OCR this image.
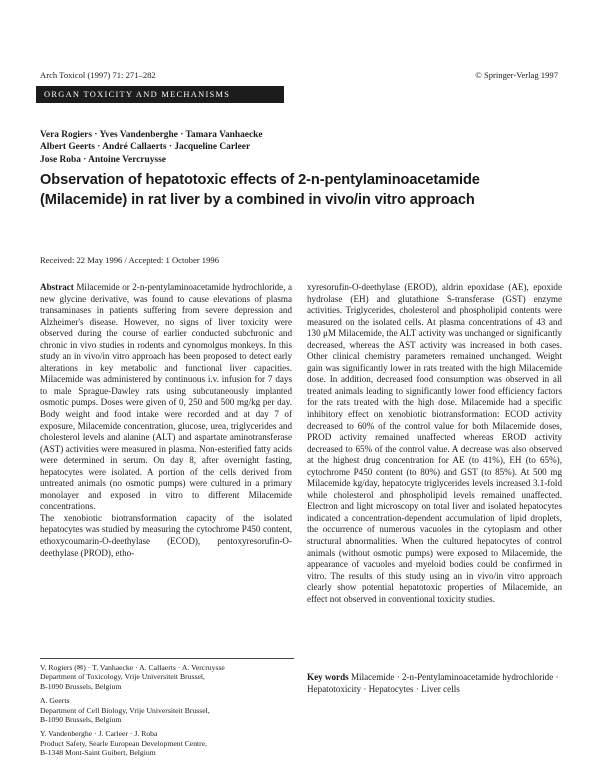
Arch Toxicol (1997) 71: 271–282	© Springer-Verlag 1997
ORGAN TOXICITY AND MECHANISMS
Vera Rogiers · Yves Vandenberghe · Tamara Vanhaecke
Albert Geerts · André Callaerts · Jacqueline Carleer
Jose Roba · Antoine Vercruysse
Observation of hepatotoxic effects of 2-n-pentylaminoacetamide
(Milacemide) in rat liver by a combined in vivo/in vitro approach
Received: 22 May 1996 / Accepted: 1 October 1996

Abstract Milacemide or 2-n-pentylaminoacetamide hydrochloride, a new glycine derivative, was found to cause elevations of plasma transaminases in patients suffering from severe depression and Alzheimer's disease. However, no signs of liver toxicity were observed during the course of earlier conducted subchronic and chronic in vivo studies in rodents and cynomolgus monkeys. In this study an in vivo/in vitro approach has been proposed to detect early alterations in key metabolic and functional liver capacities. Milacemide was administered by continuous i.v. infusion for 7 days to male Sprague-Dawley rats using subcutaneously implanted osmotic pumps. Doses were given of 0, 250 and 500 mg/kg per day. Body weight and food intake were recorded and at day 7 of exposure, Milacemide concentration, glucose, urea, triglycerides and cholesterol levels and alanine (ALT) and aspartate aminotransferase (AST) activities were measured in plasma. Non-esterified fatty acids were determined in serum. On day 8, after overnight fasting, hepatocytes were isolated. A portion of the cells derived from untreated animals (no osmotic pumps) were cultured in a primary monolayer and exposed in vitro to different Milacemide concentrations.

The xenobiotic biotransformation capacity of the isolated hepatocytes was studied by measuring the cytochrome P450 content, ethoxycoumarin-O-deethylase (ECOD), pentoxyresorufin-O-deethylase (PROD), etho-

xyresorufin-O-deethylase (EROD), aldrin epoxidase (AE), epoxide hydrolase (EH) and glutathione S-transferase (GST) enzyme activities. Triglycerides, cholesterol and phospholipid contents were measured on the isolated cells. At plasma concentrations of 43 and 130 μM Milacemide, the ALT activity was unchanged or significantly decreased, whereas the AST activity was increased in both cases. Other clinical chemistry parameters remained unchanged. Weight gain was significantly lower in rats treated with the high Milacemide dose. In addition, decreased food consumption was observed in all treated animals leading to significantly lower food efficiency factors for the rats treated with the high dose. Milacemide had a specific inhibitory effect on xenobiotic biotransformation: ECOD activity decreased to 60% of the control value for both Milacemide doses, PROD activity remained unaffected whereas EROD activity decreased to 65% of the control value. A decrease was also observed at the highest drug concentration for AE (to 41%), EH (to 65%), cytochrome P450 content (to 80%) and GST (to 85%). At 500 mg Milacemide kg/day, hepatocyte triglycerides levels increased 3.1-fold while cholesterol and phospholipid levels remained unaffected. Electron and light microscopy on total liver and isolated hepatocytes indicated a concentration-dependent accumulation of lipid droplets, the occurrence of numerous vacuoles in the cytoplasm and other structural abnormalities. When the cultured hepatocytes of control animals (without osmotic pumps) were exposed to Milacemide, the appearance of vacuoles and myeloid bodies could be confirmed in vitro. The results of this study using an in vivo/in vitro approach clearly show potential hepatotoxic properties of Milacemide, an effect not observed in conventional toxicity studies.

V. Rogiers (✉) · T. Vanhaecke · A. Callaerts · A. Vercruysse
Department of Toxicology, Vrije Universiteit Brussel,
B-1090 Brussels, Belgium
A. Geerts
Department of Cell Biology, Vrije Universiteit Brussel,
B-1090 Brussels, Belgium
Y. Vandenberghe · J. Carleer · J. Roba
Product Safety, Searle European Development Centre,
B-1348 Mont-Saint Guibert, Belgium
Key words Milacemide · 2-n-Pentylaminoacetamide hydrochloride · Hepatotoxicity · Hepatocytes · Liver cells
